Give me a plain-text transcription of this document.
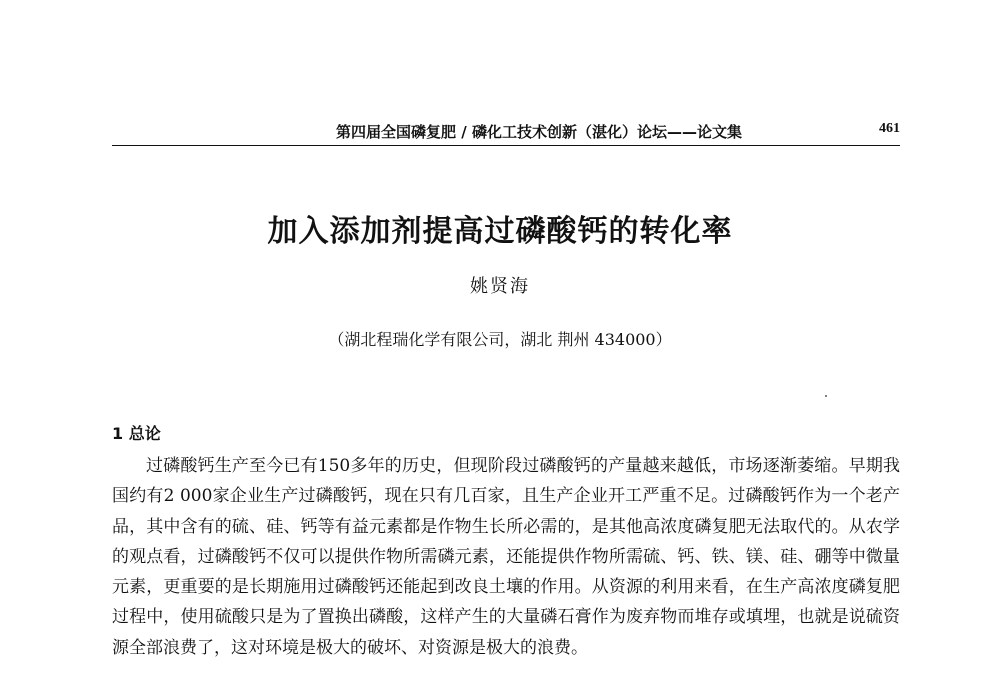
第四届全国磷复肥 / 磷化工技术创新（湛化）论坛——论文集	461
加入添加剂提高过磷酸钙的转化率
姚贤海
（湖北程瑞化学有限公司，湖北 荆州 434000）
1 总论

过磷酸钙生产至今已有150多年的历史，但现阶段过磷酸钙的产量越来越低，市场逐渐萎缩。早期我国约有2 000家企业生产过磷酸钙，现在只有几百家，且生产企业开工严重不足。过磷酸钙作为一个老产品，其中含有的硫、硅、钙等有益元素都是作物生长所必需的，是其他高浓度磷复肥无法取代的。从农学的观点看，过磷酸钙不仅可以提供作物所需磷元素，还能提供作物所需硫、钙、铁、镁、硅、硼等中微量元素，更重要的是长期施用过磷酸钙还能起到改良土壤的作用。从资源的利用来看，在生产高浓度磷复肥过程中，使用硫酸只是为了置换出磷酸，这样产生的大量磷石膏作为废弃物而堆存或填埋，也就是说硫资源全部浪费了，这对环境是极大的破坏、对资源是极大的浪费。
